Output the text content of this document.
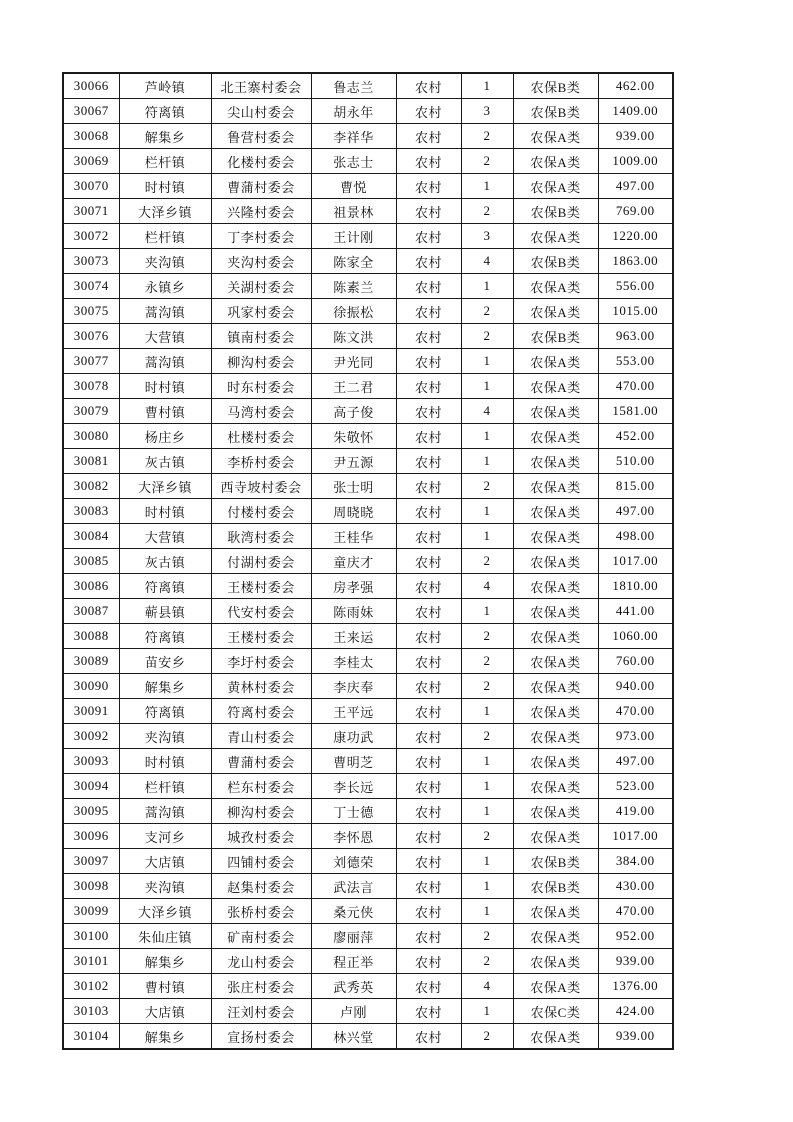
30066	芦岭镇	北王寨村委会	鲁志兰	农村	1	农保B类	462.00
30067	符离镇	尖山村委会	胡永年	农村	3	农保B类	1409.00
30068	解集乡	鲁营村委会	李祥华	农村	2	农保A类	939.00
30069	栏杆镇	化楼村委会	张志士	农村	2	农保A类	1009.00
30070	时村镇	曹蒲村委会	曹悦	农村	1	农保A类	497.00
30071	大泽乡镇	兴隆村委会	祖景林	农村	2	农保B类	769.00
30072	栏杆镇	丁李村委会	王计刚	农村	3	农保A类	1220.00
30073	夹沟镇	夹沟村委会	陈家全	农村	4	农保B类	1863.00
30074	永镇乡	关湖村委会	陈素兰	农村	1	农保A类	556.00
30075	蒿沟镇	巩家村委会	徐振松	农村	2	农保A类	1015.00
30076	大营镇	镇南村委会	陈文洪	农村	2	农保B类	963.00
30077	蒿沟镇	柳沟村委会	尹光同	农村	1	农保A类	553.00
30078	时村镇	时东村委会	王二君	农村	1	农保A类	470.00
30079	曹村镇	马湾村委会	高子俊	农村	4	农保A类	1581.00
30080	杨庄乡	杜楼村委会	朱敬怀	农村	1	农保A类	452.00
30081	灰古镇	李桥村委会	尹五源	农村	1	农保A类	510.00
30082	大泽乡镇	西寺坡村委会	张士明	农村	2	农保A类	815.00
30083	时村镇	付楼村委会	周晓晓	农村	1	农保A类	497.00
30084	大营镇	耿湾村委会	王桂华	农村	1	农保A类	498.00
30085	灰古镇	付湖村委会	童庆才	农村	2	农保A类	1017.00
30086	符离镇	王楼村委会	房孝强	农村	4	农保A类	1810.00
30087	蕲县镇	代安村委会	陈雨妹	农村	1	农保A类	441.00
30088	符离镇	王楼村委会	王来运	农村	2	农保A类	1060.00
30089	苗安乡	李圩村委会	李桂太	农村	2	农保A类	760.00
30090	解集乡	黄林村委会	李庆奉	农村	2	农保A类	940.00
30091	符离镇	符离村委会	王平远	农村	1	农保A类	470.00
30092	夹沟镇	青山村委会	康功武	农村	2	农保A类	973.00
30093	时村镇	曹蒲村委会	曹明芝	农村	1	农保A类	497.00
30094	栏杆镇	栏东村委会	李长远	农村	1	农保A类	523.00
30095	蒿沟镇	柳沟村委会	丁士德	农村	1	农保A类	419.00
30096	支河乡	城孜村委会	李怀恩	农村	2	农保A类	1017.00
30097	大店镇	四铺村委会	刘德荣	农村	1	农保B类	384.00
30098	夹沟镇	赵集村委会	武法言	农村	1	农保B类	430.00
30099	大泽乡镇	张桥村委会	桑元侠	农村	1	农保A类	470.00
30100	朱仙庄镇	矿南村委会	廖丽萍	农村	2	农保A类	952.00
30101	解集乡	龙山村委会	程正举	农村	2	农保A类	939.00
30102	曹村镇	张庄村委会	武秀英	农村	4	农保A类	1376.00
30103	大店镇	汪刘村委会	卢刚	农村	1	农保C类	424.00
30104	解集乡	宣扬村委会	林兴堂	农村	2	农保A类	939.00
